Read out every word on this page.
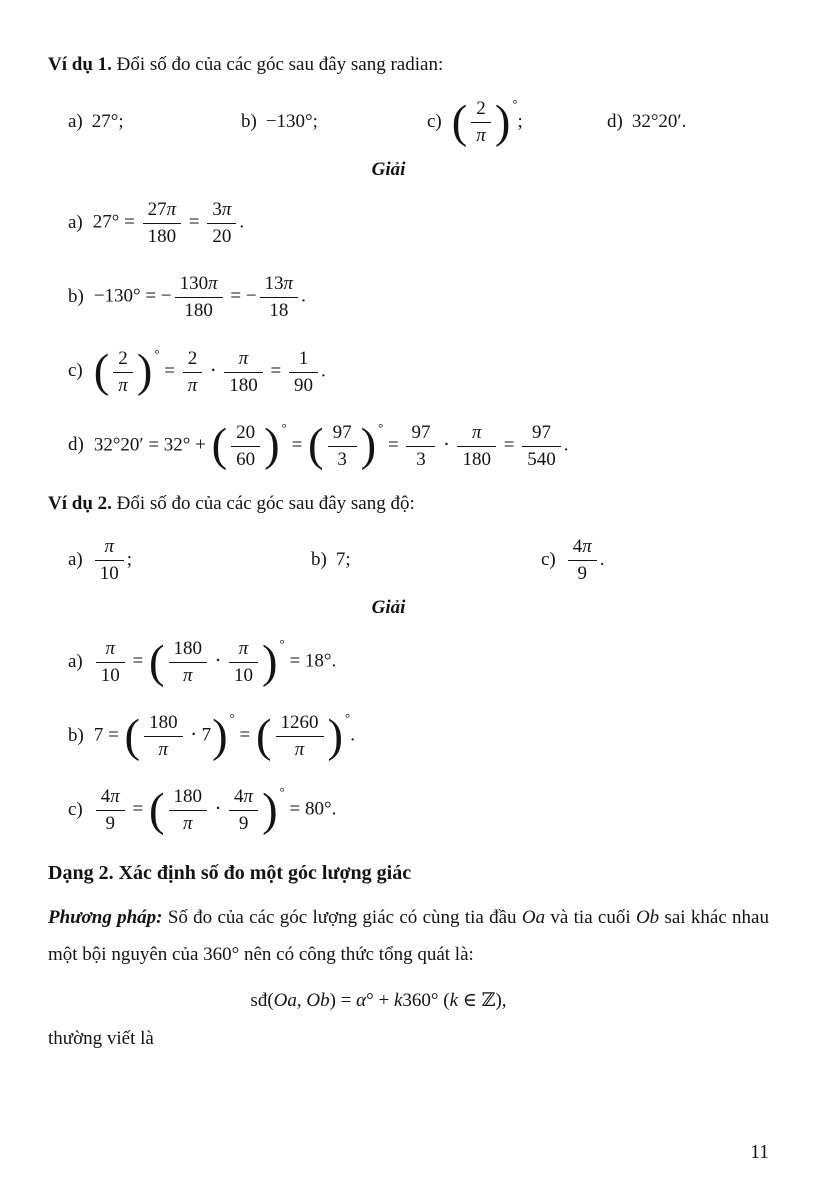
Ví dụ 1. Đổi số đo của các góc sau đây sang radian:

a) 27°;	b) −130°;	c) ( $\frac{2}{\pi}$ ) °;	d) 32°20′.

Giải

a) $27^\circ = \frac{27\pi}{180} = \frac{3\pi}{20}$ .
b) −130° = − $\frac{130\pi}{180}$ = − $\frac{13\pi}{18}$ .
c) ( $\frac{2}{\pi}$ ) $^\circ = \frac{2}{\pi} \cdot \frac{\pi}{180} = \frac{1}{90}$ .
d) 32°20′ = 32° + ( $\frac{20}{60}$ ) ° = ( $\frac{97}{3}$ ) $^\circ = \frac{97}{3} \cdot \frac{\pi}{180} = \frac{97}{540}$ .

Ví dụ 2. Đổi số đo của các góc sau đây sang độ:

$a) \frac{\pi}{10}$ ;	b) 7;	$c) \frac{4\pi}{9}$ .

Giải

$a) \frac{\pi}{10}$ = ( $\frac{180}{\pi} \cdot \frac{\pi}{10}$ ) ° = 18°.
b) 7 = ( $\frac{180}{\pi} \cdot 7$) ° = ( $\frac{1260}{\pi}$ ) °.
$c) \frac{4\pi}{9}$ = ( $\frac{180}{\pi} \cdot \frac{4\pi}{9}$ ) ° = 80°.

Dạng 2. Xác định số đo một góc lượng giác

Phương pháp: Số đo của các góc lượng giác có cùng tia đầu Oa và tia cuối Ob sai khác nhau một bội nguyên của 360° nên có công thức tổng quát là:

sđ(Oa, Ob) = α° + k360° (k ∈ ℤ),

thường viết là

11
